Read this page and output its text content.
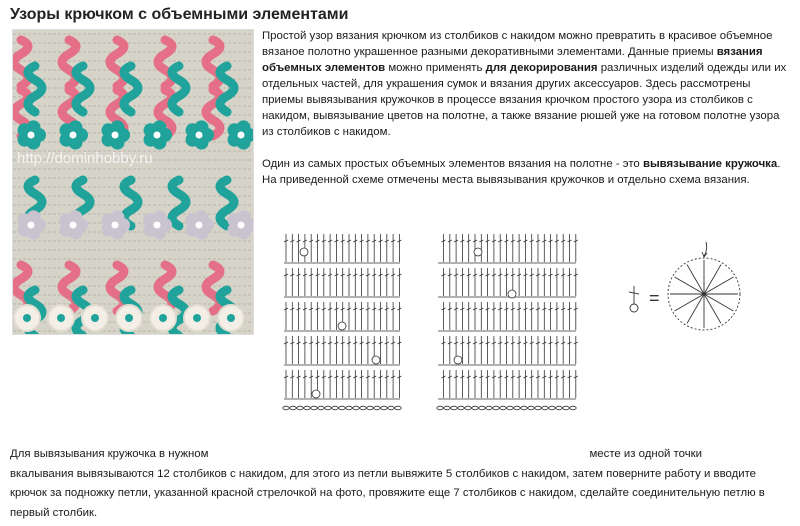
Узоры крючком с объемными элементами
http://dominhobby.ru

Простой узор вязания крючком из столбиков с накидом можно превратить в красивое объемное вязаное полотно украшенное разными декоративными элементами. Данные приемы вязания объемных элементов можно применять для декорирования различных изделий одежды или их отдельных частей, для украшения сумок и вязания других аксессуаров. Здесь рассмотрены приемы вывязывания кружочков в процессе вязания крючком простого узора из столбиков с накидом, вывязывание цветов на полотне, а также вязание рюшей уже на готовом полотне узора из столбиков с накидом.

Один из самых простых объемных элементов вязания на полотне - это вывязывание кружочка. На приведенной схеме отмечены места вывязывания кружочков и отдельно схема вязания.

=

Для вывязывания кружочка в нужном	месте из одной точки
вкалывания вывязываются 12 столбиков с накидом, для этого из петли вывяжите 5 столбиков с накидом, затем поверните работу и вводите крючок за подножку петли, указанной красной стрелочкой на фото, провяжите еще 7 столбиков с накидом, сделайте соединительную петлю в первый столбик.
